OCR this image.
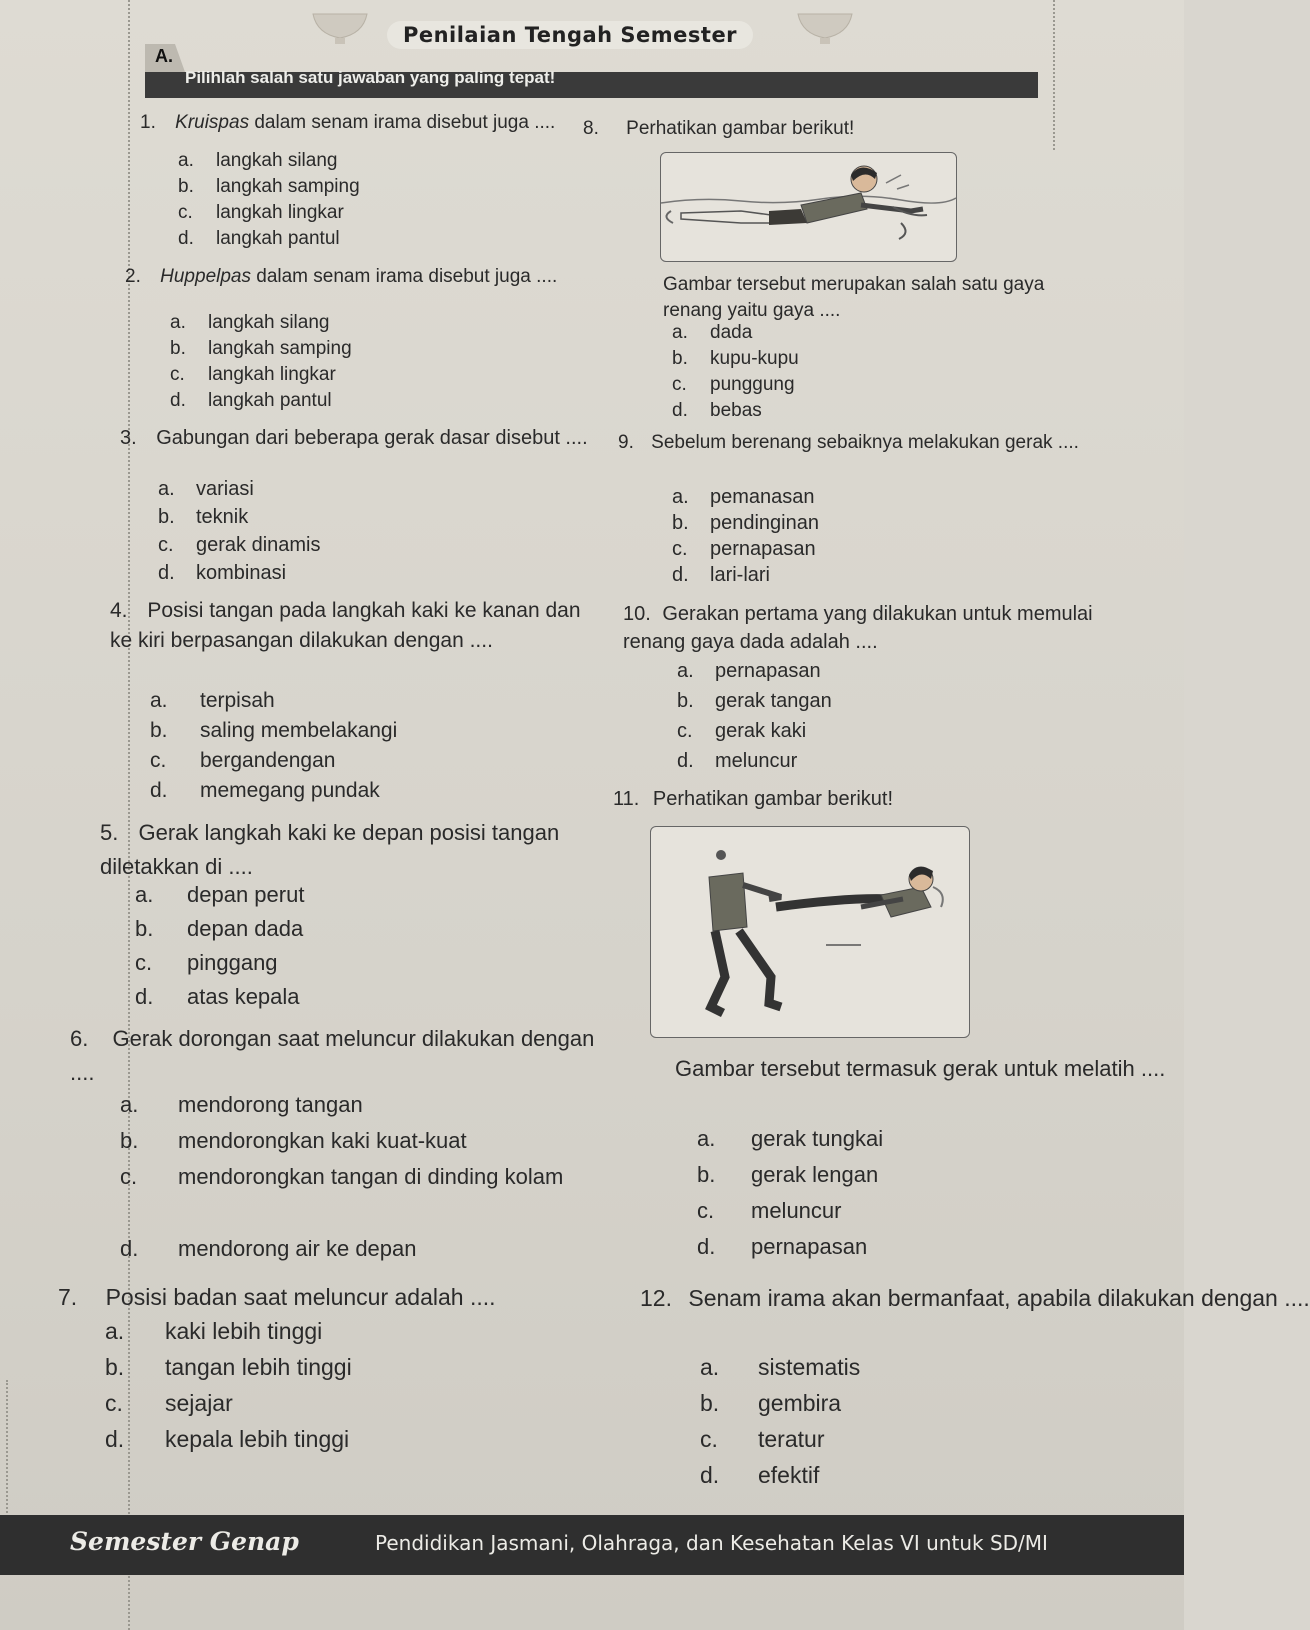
Penilaian Tengah Semester
A.
Pilihlah salah satu jawaban yang paling tepat!
1. Kruispas dalam senam irama disebut juga ....
a. langkah silang
b. langkah samping
c. langkah lingkar
d. langkah pantul
2. Huppelpas dalam senam irama disebut juga ....
a. langkah silang
b. langkah samping
c. langkah lingkar
d. langkah pantul
3. Gabungan dari beberapa gerak dasar disebut ....
a. variasi
b. teknik
c. gerak dinamis
d. kombinasi
4. Posisi tangan pada langkah kaki ke kanan dan ke kiri berpasangan dilakukan dengan ....
a. terpisah
b. saling membelakangi
c. bergandengan
d. memegang pundak
5. Gerak langkah kaki ke depan posisi tangan diletakkan di ....
a. depan perut
b. depan dada
c. pinggang
d. atas kepala
6. Gerak dorongan saat meluncur dilakukan dengan ....
a. mendorong tangan
b. mendorongkan kaki kuat-kuat
c. mendorongkan tangan di dinding kolam
d. mendorong air ke depan
7. Posisi badan saat meluncur adalah ....
a. kaki lebih tinggi
b. tangan lebih tinggi
c. sejajar
d. kepala lebih tinggi
8. Perhatikan gambar berikut!
Gambar tersebut merupakan salah satu gaya renang yaitu gaya ....
a. dada
b. kupu-kupu
c. punggung
d. bebas
9. Sebelum berenang sebaiknya melakukan gerak ....
a. pemanasan
b. pendinginan
c. pernapasan
d. lari-lari
10. Gerakan pertama yang dilakukan untuk memulai renang gaya dada adalah ....
a. pernapasan
b. gerak tangan
c. gerak kaki
d. meluncur
11. Perhatikan gambar berikut!
Gambar tersebut termasuk gerak untuk melatih ....
a. gerak tungkai
b. gerak lengan
c. meluncur
d. pernapasan
12. Senam irama akan bermanfaat, apabila dilakukan dengan ....
a. sistematis
b. gembira
c. teratur
d. efektif
Semester Genap	Pendidikan Jasmani, Olahraga, dan Kesehatan Kelas VI untuk SD/MI
